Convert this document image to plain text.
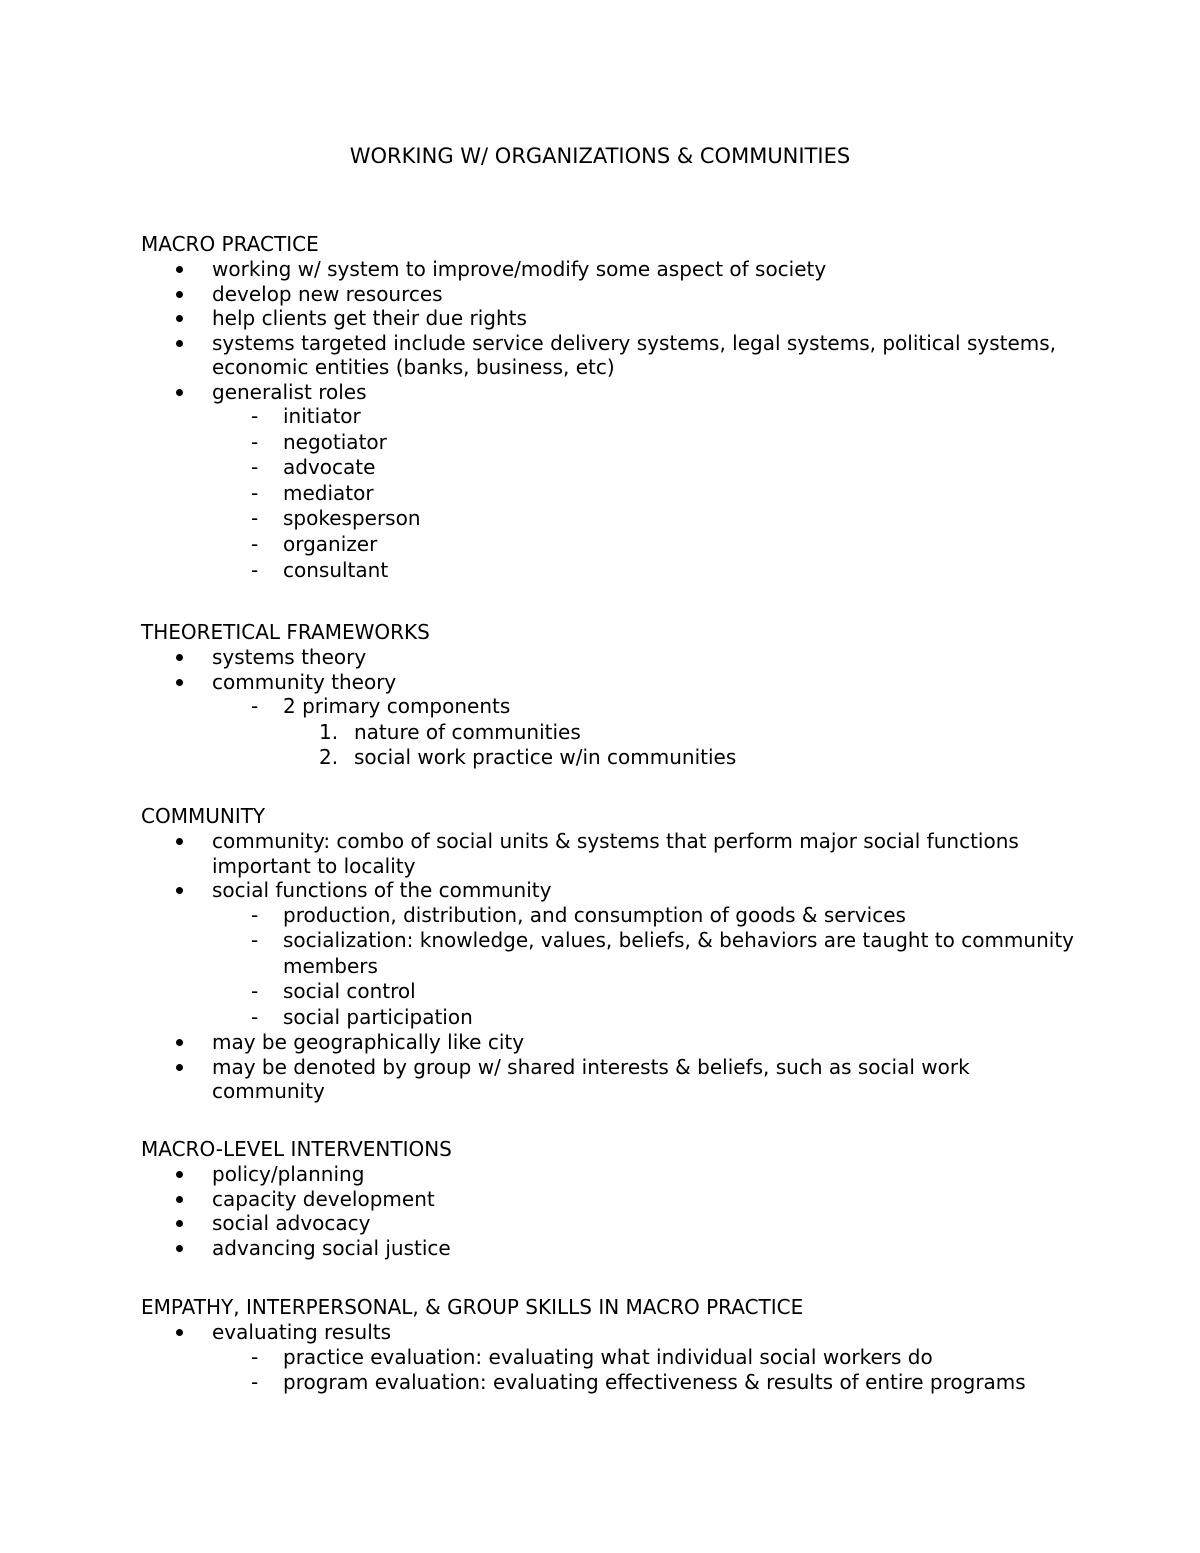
WORKING W/ ORGANIZATIONS & COMMUNITIES

MACRO PRACTICE

working w/ system to improve/modify some aspect of society
develop new resources
help clients get their due rights
systems targeted include service delivery systems, legal systems, political systems, economic entities (banks, business, etc)
generalist roles
- initiator
- negotiator
- advocate
- mediator
- spokesperson
- organizer
- consultant

THEORETICAL FRAMEWORKS

systems theory
community theory
- 2 primary components
1. nature of communities
2. social work practice w/in communities

COMMUNITY

community: combo of social units & systems that perform major social functions important to locality
social functions of the community
- production, distribution, and consumption of goods & services
- socialization: knowledge, values, beliefs, & behaviors are taught to community members
- social control
- social participation
may be geographically like city
may be denoted by group w/ shared interests & beliefs, such as social work community

MACRO-LEVEL INTERVENTIONS

policy/planning
capacity development
social advocacy
advancing social justice

EMPATHY, INTERPERSONAL, & GROUP SKILLS IN MACRO PRACTICE

evaluating results
- practice evaluation: evaluating what individual social workers do
- program evaluation: evaluating effectiveness & results of entire programs
